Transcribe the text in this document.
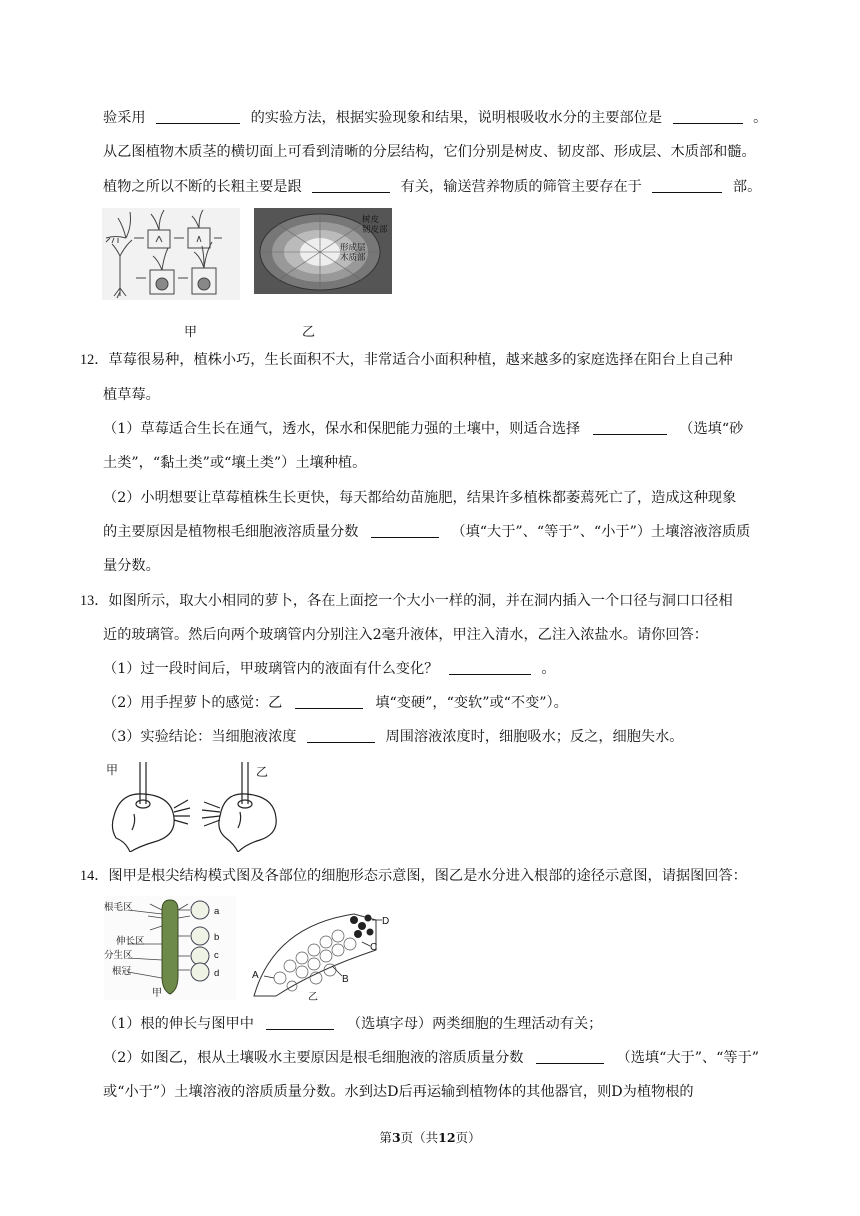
验采用	的实验方法，根据实验现象和结果，说明根吸收水分的主要部位是	。
从乙图植物木质茎的横切面上可看到清晰的分层结构，它们分别是树皮、韧皮部、形成层、木质部和髓。
植物之所以不断的长粗主要是跟	有关，输送营养物质的筛管主要存在于	部。
甲
树皮
韧皮部
形成层
木质部
乙
12．草莓很易种，植株小巧，生长面积不大，非常适合小面积种植，越来越多的家庭选择在阳台上自己种
植草莓。
（1）草莓适合生长在通气，透水，保水和保肥能力强的土壤中，则适合选择	（选填“砂
土类”，“黏土类”或“壤土类”）土壤种植。
（2）小明想要让草莓植株生长更快，每天都给幼苗施肥，结果许多植株都萎蔫死亡了，造成这种现象
的主要原因是植物根毛细胞液溶质量分数	（填“大于”、“等于”、“小于”）土壤溶液溶质质
量分数。
13．如图所示，取大小相同的萝卜，各在上面挖一个大小一样的洞，并在洞内插入一个口径与洞口口径相
近的玻璃管。然后向两个玻璃管内分别注入2毫升液体，甲注入清水，乙注入浓盐水。请你回答：
（1）过一段时间后，甲玻璃管内的液面有什么变化？	。
（2）用手捏萝卜的感觉：乙	填“变硬”，“变软”或“不变”）。
（3）实验结论：当细胞液浓度	周围溶液浓度时，细胞吸水；反之，细胞失水。
甲	乙
14．图甲是根尖结构模式图及各部位的细胞形态示意图，图乙是水分进入根部的途径示意图，请据图回答：
根毛区
伸长区
分生区
根冠
a
b
c
d
甲
D
C
B
A
乙
（1）根的伸长与图甲中	（选填字母）两类细胞的生理活动有关；
（2）如图乙，根从土壤吸水主要原因是根毛细胞液的溶质质量分数	（选填“大于”、“等于”
或“小于”）土壤溶液的溶质质量分数。水到达D后再运输到植物体的其他器官，则D为植物根的
第3页（共12页）
